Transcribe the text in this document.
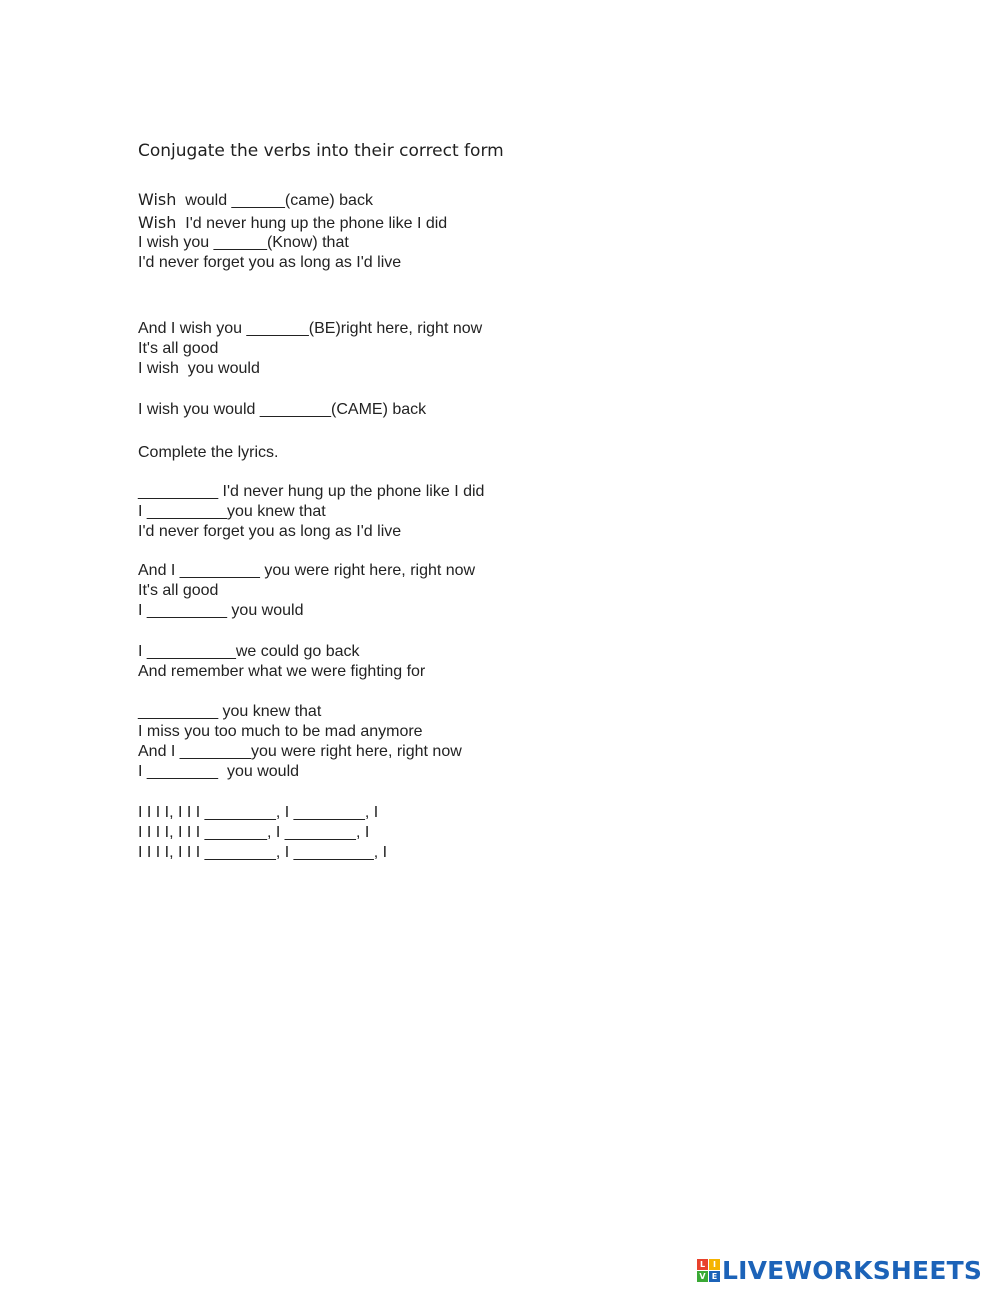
Conjugate the verbs into their correct form
Wish  would ______(came) back
Wish  I'd never hung up the phone like I did
I wish you ______(Know) that
I'd never forget you as long as I'd live
And I wish you _______(BE)right here, right now
It's all good
I wish  you would
I wish you would ________(CAME) back
Complete the lyrics.
_________ I'd never hung up the phone like I did
I _________you knew that
I'd never forget you as long as I'd live
And I _________ you were right here, right now
It's all good
I _________ you would
I __________we could go back
And remember what we were fighting for
_________ you knew that
I miss you too much to be mad anymore
And I ________you were right here, right now
I ________  you would
I I I I, I I I ________, I ________, I
I I I I, I I I _______, I ________, I
I I I I, I I I ________, I _________, I
L I
V E LIVEWORKSHEETS
